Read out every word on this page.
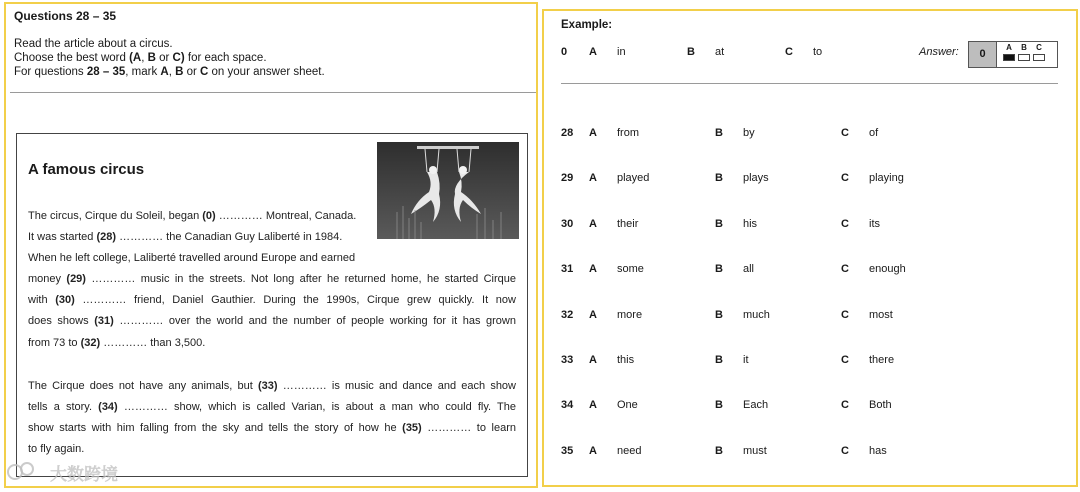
Questions 28 – 35
Read the article about a circus.
Choose the best word (A, B or C) for each space.
For questions 28 – 35, mark A, B or C on your answer sheet.
A famous circus
The circus, Cirque du Soleil, began (0) ………… Montreal, Canada.
It was started (28) ………… the Canadian Guy Laliberté in 1984.
When he left college, Laliberté travelled around Europe and earned
money (29) ………… music in the streets. Not long after he returned home, he started Cirque
with (30) ………… friend, Daniel Gauthier. During the 1990s, Cirque grew quickly. It now
does shows (31) ………… over the world and the number of people working for it has grown
from 73 to (32) ………… than 3,500.
The Cirque does not have any animals, but (33) ………… is music and dance and each show
tells a story. (34) ………… show, which is called Varian, is about a man who could fly. The
show starts with him falling from the sky and tells the story of how he (35) ………… to learn
to fly again.
大数跨境
Example:
0 A in	B at	C to	Answer:	0
A	B	C
28 A from	B by	C of
29 A played	B plays	C playing
30 A their	B his	C its
31 A some	B all	C enough
32 A more	B much	C most
33 A this	B it	C there
34 A One	B Each	C Both
35 A need	B must	C has
